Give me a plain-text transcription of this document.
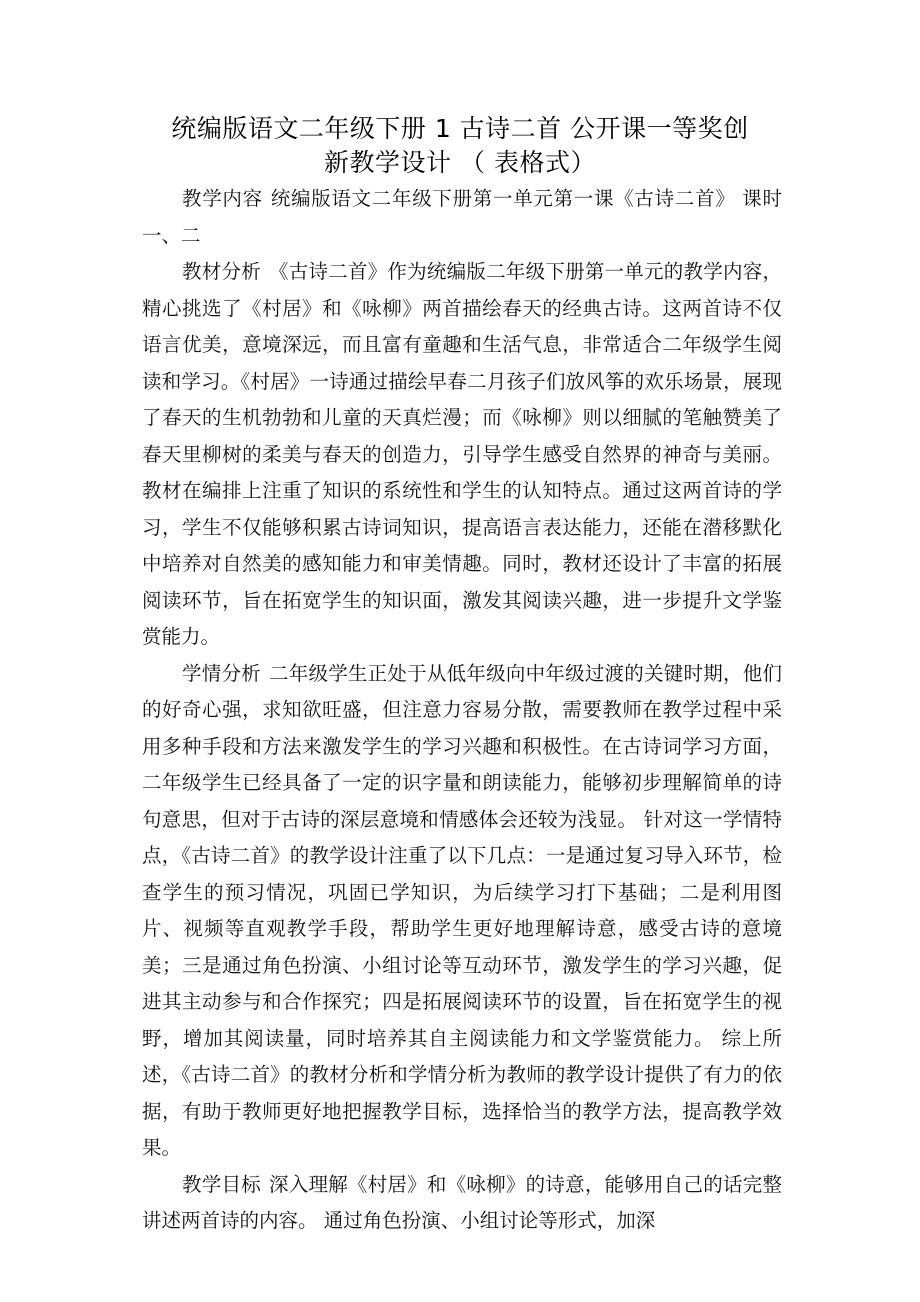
统编版语文二年级下册 1 古诗二首 公开课一等奖创
新教学设计 （ 表格式）

教学内容 统编版语文二年级下册第一单元第一课《古诗二首》 课时 一、二

教材分析 《古诗二首》作为统编版二年级下册第一单元的教学内容，精心挑选了《村居》和《咏柳》两首描绘春天的经典古诗。这两首诗不仅语言优美，意境深远，而且富有童趣和生活气息，非常适合二年级学生阅读和学习。《村居》一诗通过描绘早春二月孩子们放风筝的欢乐场景，展现了春天的生机勃勃和儿童的天真烂漫；而《咏柳》则以细腻的笔触赞美了春天里柳树的柔美与春天的创造力，引导学生感受自然界的神奇与美丽。 教材在编排上注重了知识的系统性和学生的认知特点。通过这两首诗的学习，学生不仅能够积累古诗词知识，提高语言表达能力，还能在潜移默化中培养对自然美的感知能力和审美情趣。同时，教材还设计了丰富的拓展阅读环节，旨在拓宽学生的知识面，激发其阅读兴趣，进一步提升文学鉴赏能力。

学情分析 二年级学生正处于从低年级向中年级过渡的关键时期，他们的好奇心强，求知欲旺盛，但注意力容易分散，需要教师在教学过程中采用多种手段和方法来激发学生的学习兴趣和积极性。在古诗词学习方面，二年级学生已经具备了一定的识字量和朗读能力，能够初步理解简单的诗句意思，但对于古诗的深层意境和情感体会还较为浅显。 针对这一学情特点，《古诗二首》的教学设计注重了以下几点：一是通过复习导入环节，检查学生的预习情况，巩固已学知识，为后续学习打下基础；二是利用图片、视频等直观教学手段，帮助学生更好地理解诗意，感受古诗的意境美；三是通过角色扮演、小组讨论等互动环节，激发学生的学习兴趣，促进其主动参与和合作探究；四是拓展阅读环节的设置，旨在拓宽学生的视野，增加其阅读量，同时培养其自主阅读能力和文学鉴赏能力。 综上所述，《古诗二首》的教材分析和学情分析为教师的教学设计提供了有力的依据，有助于教师更好地把握教学目标，选择恰当的教学方法，提高教学效果。

教学目标 深入理解《村居》和《咏柳》的诗意，能够用自己的话完整讲述两首诗的内容。 通过角色扮演、小组讨论等形式，加深
